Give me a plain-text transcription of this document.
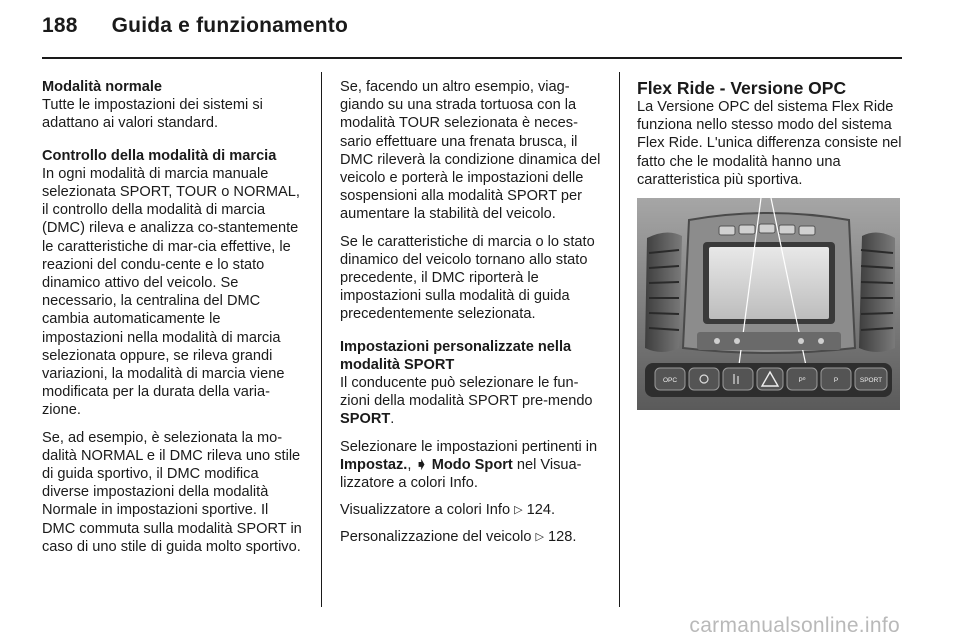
188 Guida e funzionamento

Modalità normale
Tutte le impostazioni dei sistemi si adattano ai valori standard.

Controllo della modalità di marcia
In ogni modalità di marcia manuale selezionata SPORT, TOUR o NORMAL, il controllo della modalità di marcia (DMC) rileva e analizza co-stantemente le caratteristiche di mar-cia effettive, le reazioni del condu-cente e lo stato dinamico attivo del veicolo. Se necessario, la centralina del DMC cambia automaticamente le impostazioni nella modalità di marcia selezionata oppure, se rileva grandi variazioni, la modalità di marcia viene modificata per la durata della varia-zione.

Se, ad esempio, è selezionata la mo-dalità NORMAL e il DMC rileva uno stile di guida sportivo, il DMC modifica diverse impostazioni della modalità Normale in impostazioni sportive. Il DMC commuta sulla modalità SPORT in caso di uno stile di guida molto sportivo.

Se, facendo un altro esempio, viag-giando su una strada tortuosa con la modalità TOUR selezionata è neces-sario effettuare una frenata brusca, il DMC rileverà la condizione dinamica del veicolo e porterà le impostazioni delle sospensioni alla modalità SPORT per aumentare la stabilità del veicolo.

Se le caratteristiche di marcia o lo stato dinamico del veicolo tornano allo stato precedente, il DMC riporterà le impostazioni sulla modalità di guida precedentemente selezionata.

Impostazioni personalizzate nella modalità SPORT
Il conducente può selezionare le fun-zioni della modalità SPORT pre-mendo SPORT.

Selezionare le impostazioni pertinenti in Impostaz., ➧ Modo Sport nel Visua-lizzatore a colori Info.

Visualizzatore a colori Info ▷ 124.

Personalizzazione del veicolo ▷ 128.

Flex Ride - Versione OPC
La Versione OPC del sistema Flex Ride funziona nello stesso modo del sistema Flex Ride. L'unica differenza consiste nel fatto che le modalità hanno una caratteristica più sportiva.

OPC	P⁰	P	SPORT
carmanualsonline.info
